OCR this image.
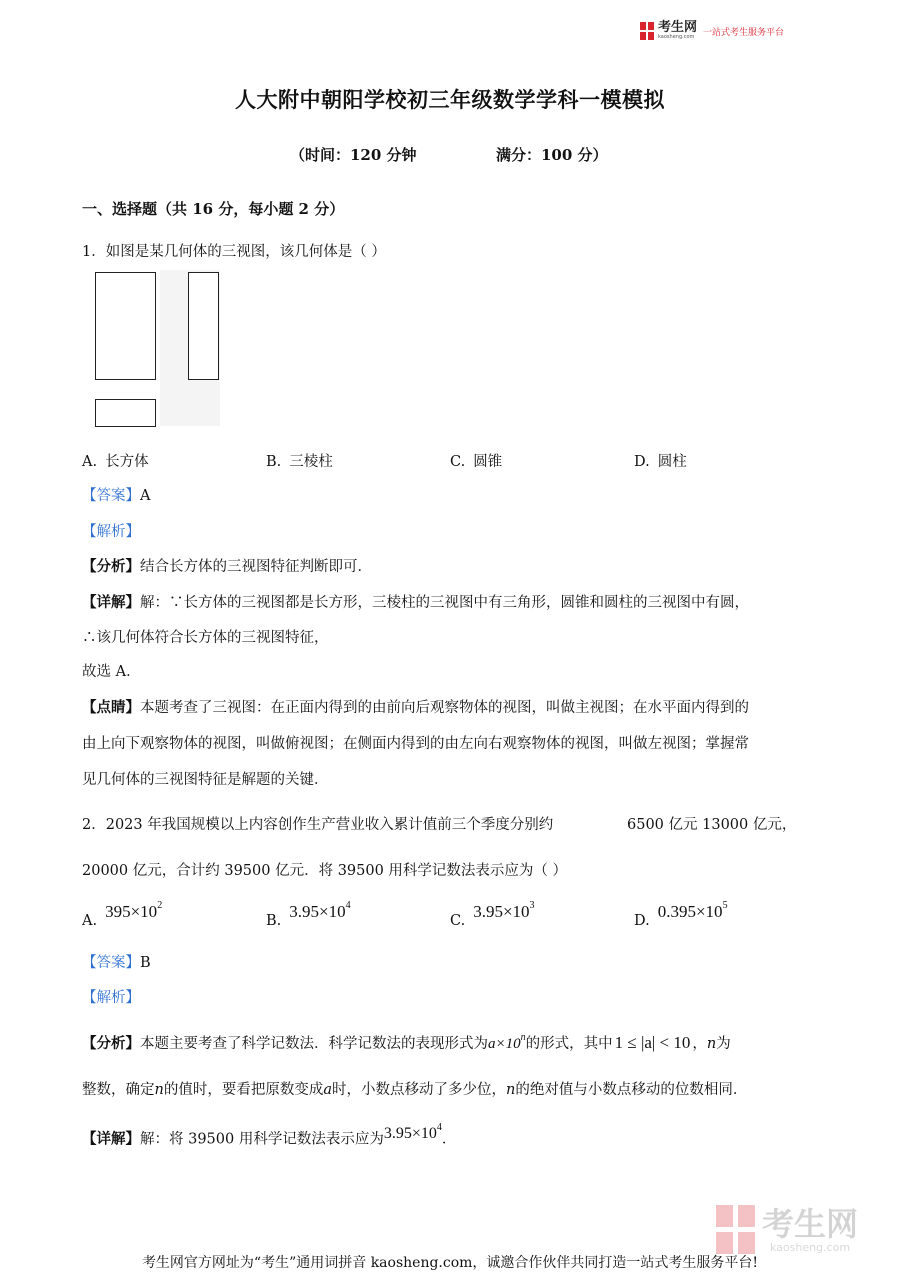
考生网
kaosheng.com 一站式考生服务平台
人大附中朝阳学校初三年级数学学科一模模拟
（时间：120 分钟	满分：100 分）
一、选择题（共 16 分，每小题 2 分）
1．如图是某几何体的三视图，该几何体是（ ）
A. 长方体	B. 三棱柱	C. 圆锥	D. 圆柱
【答案】A
【解析】
【分析】结合长方体的三视图特征判断即可．
【详解】解：∵长方体的三视图都是长方形，三棱柱的三视图中有三角形，圆锥和圆柱的三视图中有圆，
∴该几何体符合长方体的三视图特征，
故选 A．
【点睛】本题考查了三视图：在正面内得到的由前向后观察物体的视图，叫做主视图；在水平面内得到的
由上向下观察物体的视图，叫做俯视图；在侧面内得到的由左向右观察物体的视图，叫做左视图；掌握常
见几何体的三视图特征是解题的关键．
2．2023 年我国规模以上内容创作生产营业收入累计值前三个季度分别约	6500 亿元 13000 亿元，
20000 亿元，合计约 39500 亿元．将 39500 用科学记数法表示应为（ ）
A. $395\times 10^2$
B. $3.95\times 10^4$
C. $3.95\times 10^3$
D. $0.395\times 10^5$
【答案】B
【解析】
【分析】本题主要考查了科学记数法．科学记数法的表现形式为$a\times 10^n$的形式，其中 1 ≤ |a| < 10 ，n为
整数，确定n的值时，要看把原数变成a时，小数点移动了多少位，n的绝对值与小数点移动的位数相同．
【详解】解：将 39500 用科学记数法表示应为$3.95\times 10^4$．
考生网
kaosheng.com
考生网官方网址为“考生”通用词拼音 kaosheng.com，诚邀合作伙伴共同打造一站式考生服务平台!
